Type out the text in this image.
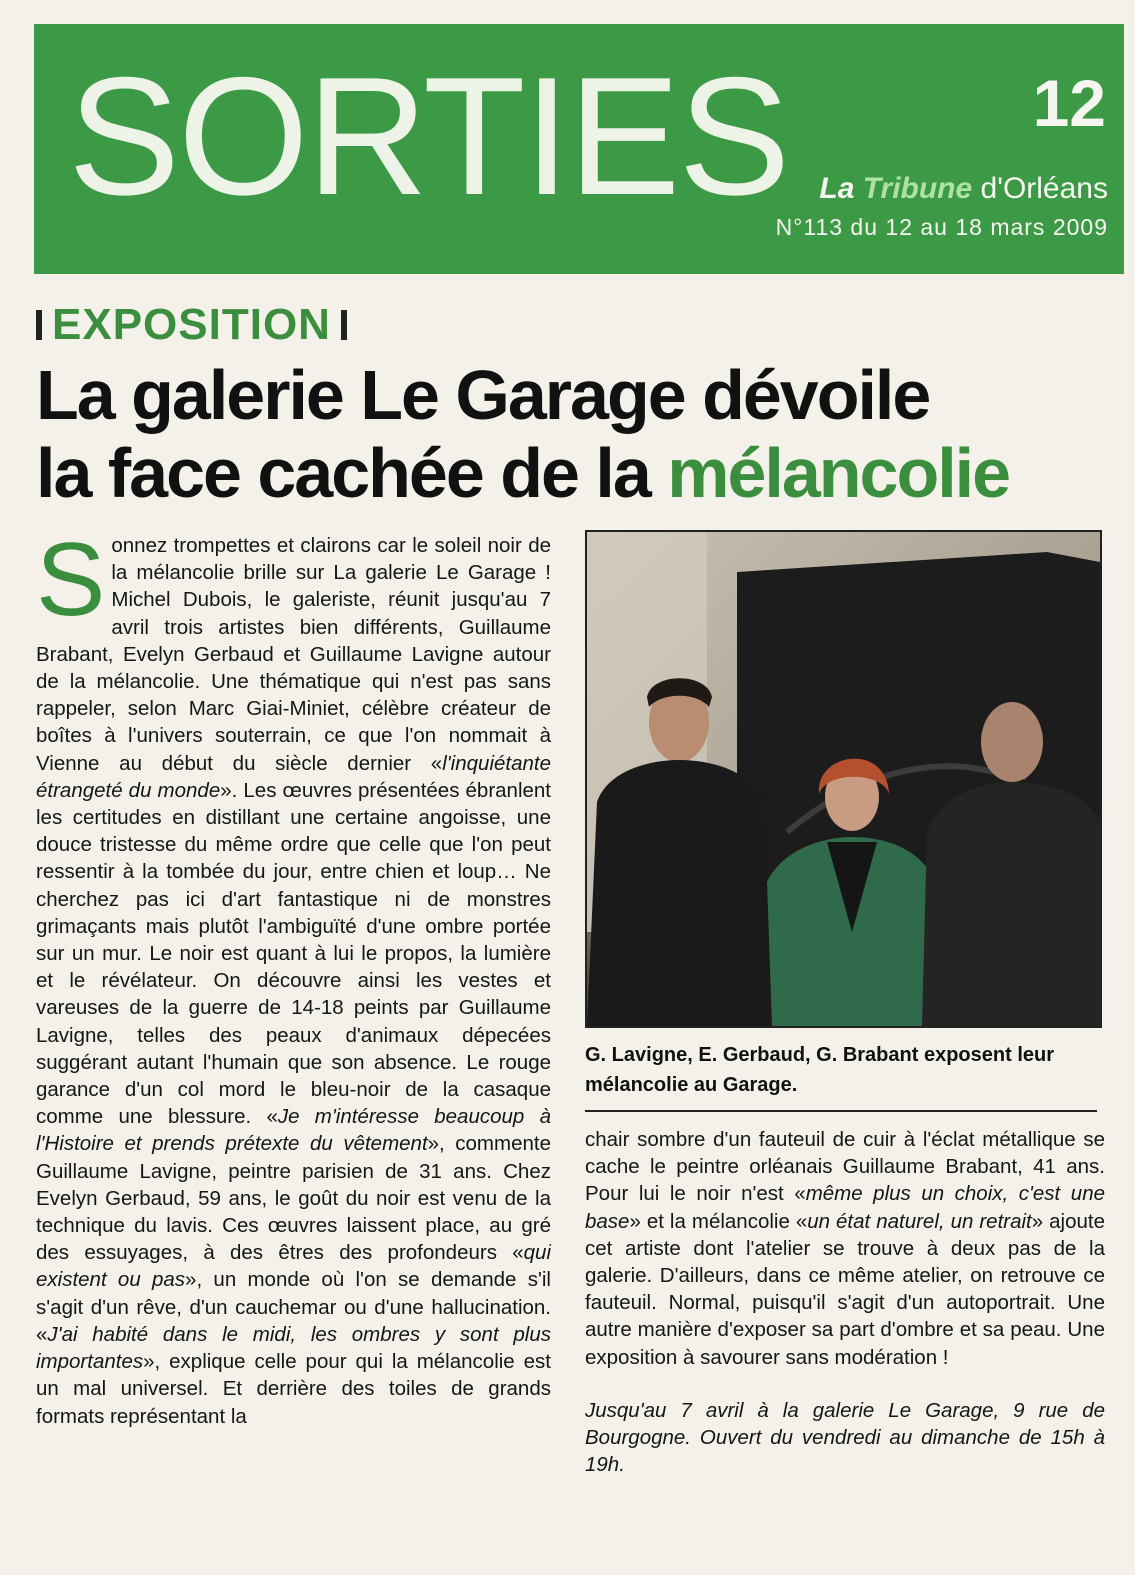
SORTIES	12
La Tribune d'Orléans
N°113 du 12 au 18 mars 2009
EXPOSITION
La galerie Le Garage dévoile
la face cachée de la mélancolie

Sonnez trompettes et clairons car le soleil noir de la mélancolie brille sur La galerie Le Garage ! Michel Dubois, le galeriste, réunit jusqu'au 7 avril trois artistes bien différents, Guillaume Brabant, Evelyn Gerbaud et Guillaume Lavigne autour de la mélancolie. Une thématique qui n'est pas sans rappeler, selon Marc Giai-Miniet, célèbre créateur de boîtes à l'univers souterrain, ce que l'on nommait à Vienne au début du siècle dernier «l'inquiétante étrangeté du monde». Les œuvres présentées ébranlent les certitudes en distillant une certaine angoisse, une douce tristesse du même ordre que celle que l'on peut ressentir à la tombée du jour, entre chien et loup… Ne cherchez pas ici d'art fantastique ni de monstres grimaçants mais plutôt l'ambiguïté d'une ombre portée sur un mur. Le noir est quant à lui le propos, la lumière et le révélateur. On découvre ainsi les vestes et vareuses de la guerre de 14-18 peints par Guillaume Lavigne, telles des peaux d'animaux dépecées suggérant autant l'humain que son absence. Le rouge garance d'un col mord le bleu-noir de la casaque comme une blessure. «Je m'intéresse beaucoup à l'Histoire et prends prétexte du vêtement», commente Guillaume Lavigne, peintre parisien de 31 ans. Chez Evelyn Gerbaud, 59 ans, le goût du noir est venu de la technique du lavis. Ces œuvres laissent place, au gré des essuyages, à des êtres des profondeurs «qui existent ou pas», un monde où l'on se demande s'il s'agit d'un rêve, d'un cauchemar ou d'une hallucination. «J'ai habité dans le midi, les ombres y sont plus importantes», explique celle pour qui la mélancolie est un mal universel. Et derrière des toiles de grands formats représentant la

G. Lavigne, E. Gerbaud, G. Brabant exposent leur mélancolie au Garage.

chair sombre d'un fauteuil de cuir à l'éclat métallique se cache le peintre orléanais Guillaume Brabant, 41 ans. Pour lui le noir n'est «même plus un choix, c'est une base» et la mélancolie «un état naturel, un retrait» ajoute cet artiste dont l'atelier se trouve à deux pas de la galerie. D'ailleurs, dans ce même atelier, on retrouve ce fauteuil. Normal, puisqu'il s'agit d'un autoportrait. Une autre manière d'exposer sa part d'ombre et sa peau. Une exposition à savourer sans modération !

Jusqu'au 7 avril à la galerie Le Garage, 9 rue de Bourgogne. Ouvert du vendredi au dimanche de 15h à 19h.
